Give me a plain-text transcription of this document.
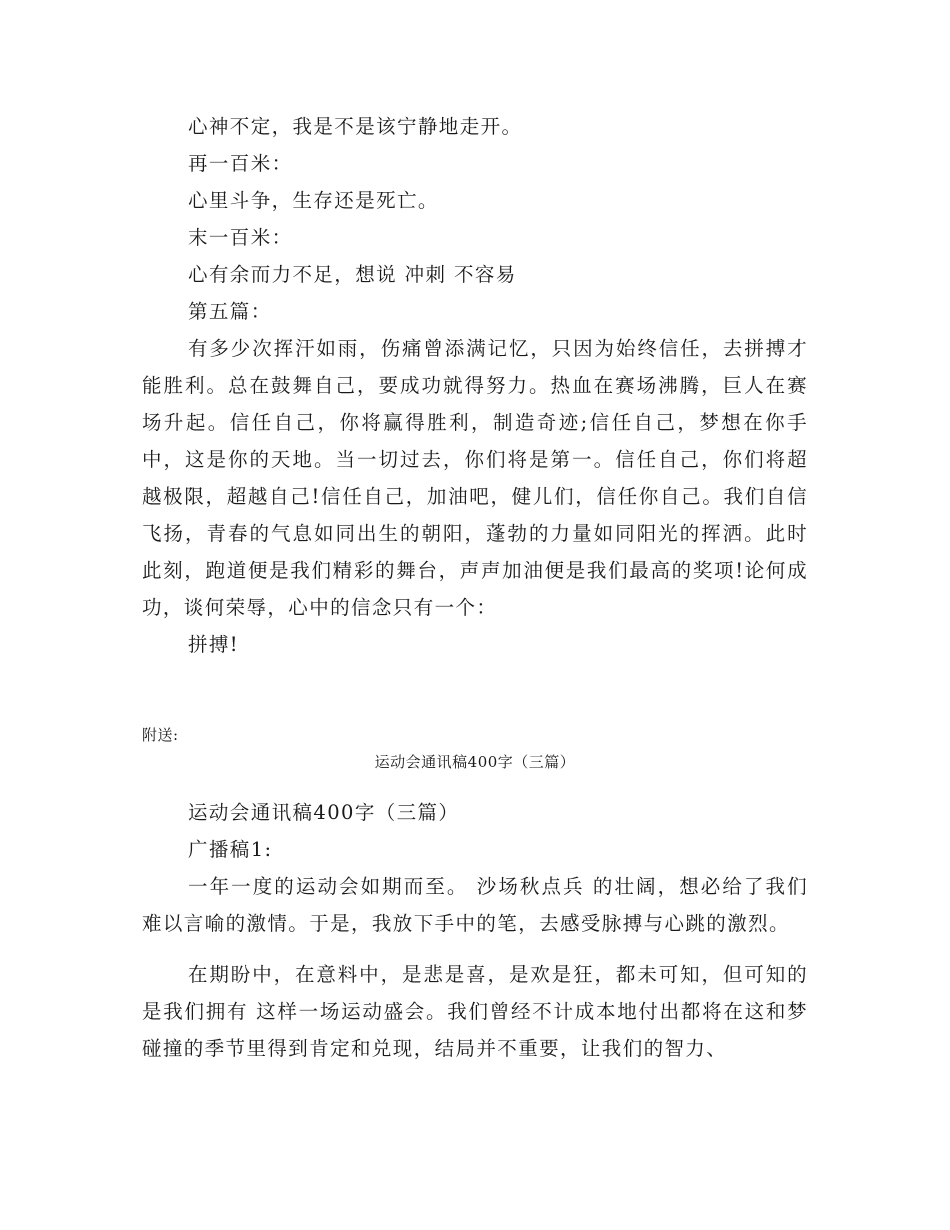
心神不定，我是不是该宁静地走开。

再一百米：

心里斗争，生存还是死亡。

末一百米：

心有余而力不足，想说 冲刺 不容易

第五篇：

有多少次挥汗如雨，伤痛曾添满记忆，只因为始终信任，去拼搏才能胜利。总在鼓舞自己，要成功就得努力。热血在赛场沸腾，巨人在赛场升起。信任自己，你将赢得胜利，制造奇迹;信任自己，梦想在你手中，这是你的天地。当一切过去，你们将是第一。信任自己，你们将超越极限，超越自己!信任自己，加油吧，健儿们，信任你自己。我们自信飞扬，青春的气息如同出生的朝阳，蓬勃的力量如同阳光的挥洒。此时此刻，跑道便是我们精彩的舞台，声声加油便是我们最高的奖项!论何成功，谈何荣辱，心中的信念只有一个：

拼搏!

附送:
运动会通讯稿400字（三篇）

运动会通讯稿400字（三篇）

广播稿1:

一年一度的运动会如期而至。 沙场秋点兵 的壮阔，想必给了我们难以言喻的激情。于是，我放下手中的笔，去感受脉搏与心跳的激烈。

在期盼中，在意料中，是悲是喜，是欢是狂，都未可知，但可知的是我们拥有 这样一场运动盛会。我们曾经不计成本地付出都将在这和梦碰撞的季节里得到肯定和兑现，结局并不重要，让我们的智力、
